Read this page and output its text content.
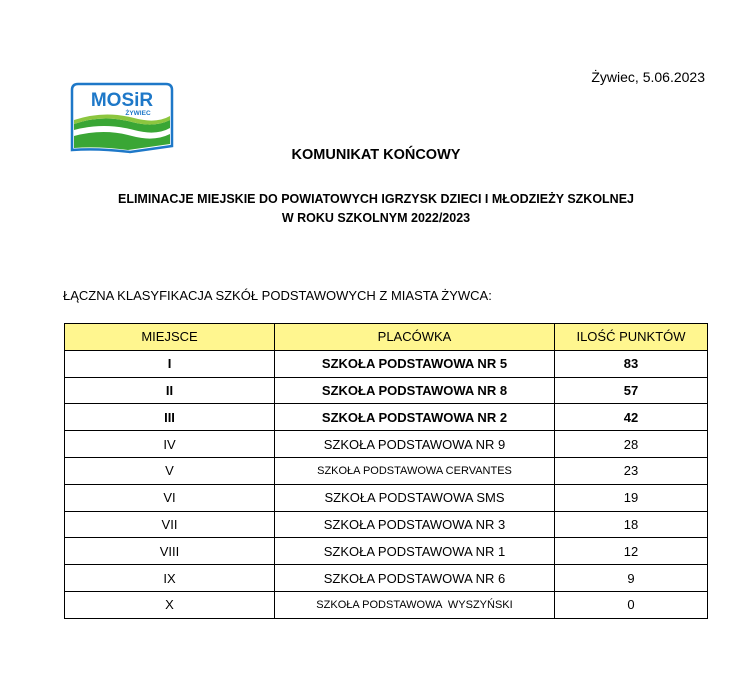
Żywiec, 5.06.2023
MOSiR
ŻYWIEC
KOMUNIKAT KOŃCOWY
ELIMINACJE MIEJSKIE DO POWIATOWYCH IGRZYSK DZIECI I MŁODZIEŻY SZKOLNEJ
W ROKU SZKOLNYM 2022/2023
ŁĄCZNA KLASYFIKACJA SZKÓŁ PODSTAWOWYCH Z MIASTA ŻYWCA:
MIEJSCE	PLACÓWKA	ILOŚĆ PUNKTÓW
I	SZKOŁA PODSTAWOWA NR 5	83
II	SZKOŁA PODSTAWOWA NR 8	57
III	SZKOŁA PODSTAWOWA NR 2	42
IV	SZKOŁA PODSTAWOWA NR 9	28
V	SZKOŁA PODSTAWOWA CERVANTES	23
VI	SZKOŁA PODSTAWOWA SMS	19
VII	SZKOŁA PODSTAWOWA NR 3	18
VIII	SZKOŁA PODSTAWOWA NR 1	12
IX	SZKOŁA PODSTAWOWA NR 6	9
X	SZKOŁA PODSTAWOWA  WYSZYŃSKI	0
